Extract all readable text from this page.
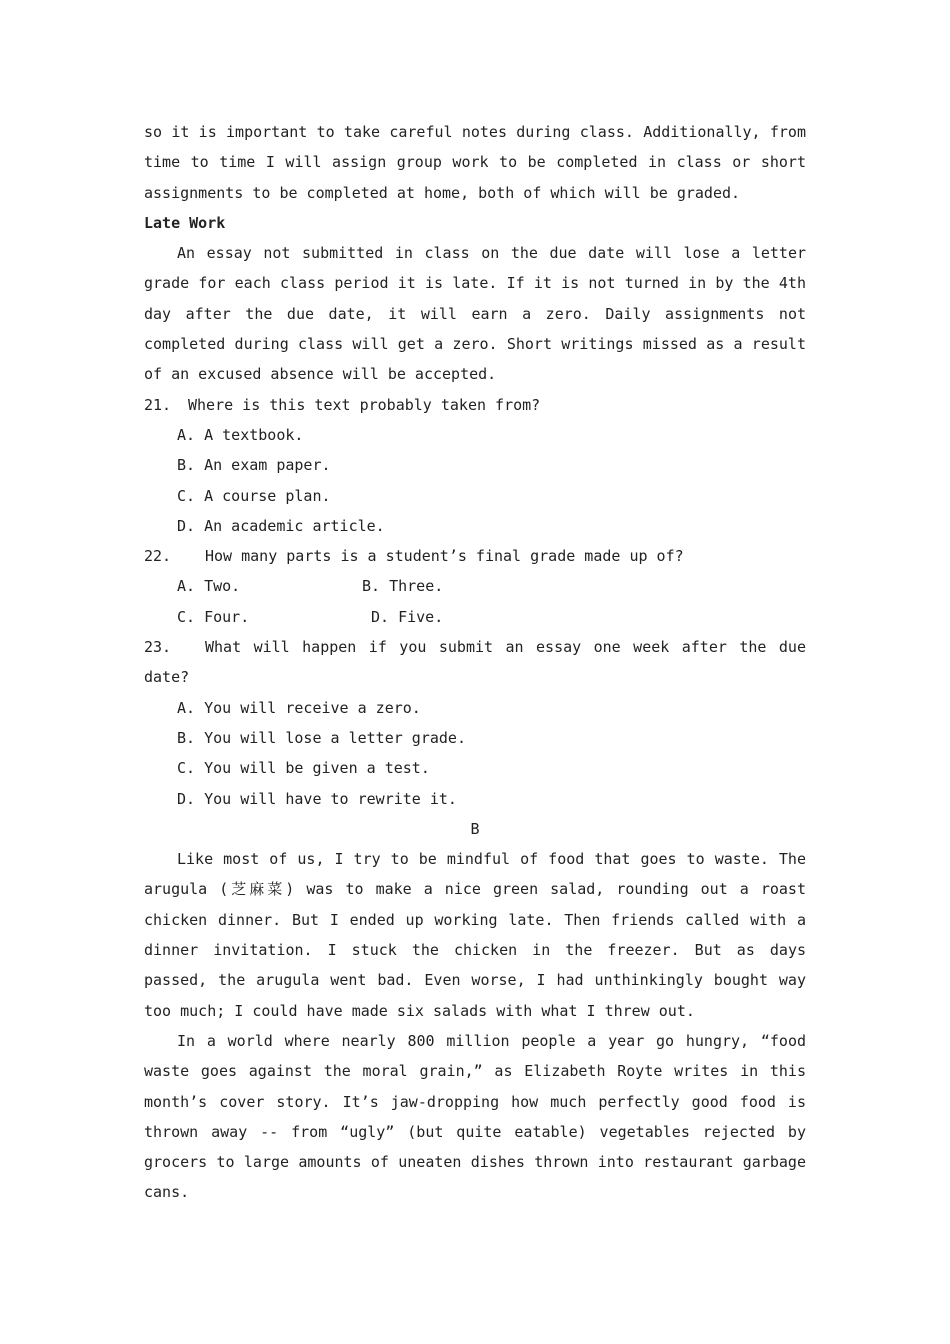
so it is important to take careful notes during class. Additionally, from time to time I will assign group work to be completed in class or short assignments to be completed at home, both of which will be graded.

Late Work

An essay not submitted in class on the due date will lose a letter grade for each class period it is late. If it is not turned in by the 4th day after the due date, it will earn a zero. Daily assignments not completed during class will get a zero. Short writings missed as a result of an excused absence will be accepted.

21. Where is this text probably taken from?

A. A textbook.

B. An exam paper.

C. A course plan.

D. An academic article.

22. How many parts is a student’s final grade made up of?

A. Two.	B. Three.
C. Four.	D. Five.

23. What will happen if you submit an essay one week after the due date?

A. You will receive a zero.

B. You will lose a letter grade.

C. You will be given a test.

D. You will have to rewrite it.

B

Like most of us, I try to be mindful of food that goes to waste. The arugula (芝麻菜) was to make a nice green salad, rounding out a roast chicken dinner. But I ended up working late. Then friends called with a dinner invitation. I stuck the chicken in the freezer. But as days passed, the arugula went bad. Even worse, I had unthinkingly bought way too much; I could have made six salads with what I threw out.

In a world where nearly 800 million people a year go hungry, “food waste goes against the moral grain,” as Elizabeth Royte writes in this month’s cover story. It’s jaw-dropping how much perfectly good food is thrown away -- from “ugly” (but quite eatable) vegetables rejected by grocers to large amounts of uneaten dishes thrown into restaurant garbage cans.
